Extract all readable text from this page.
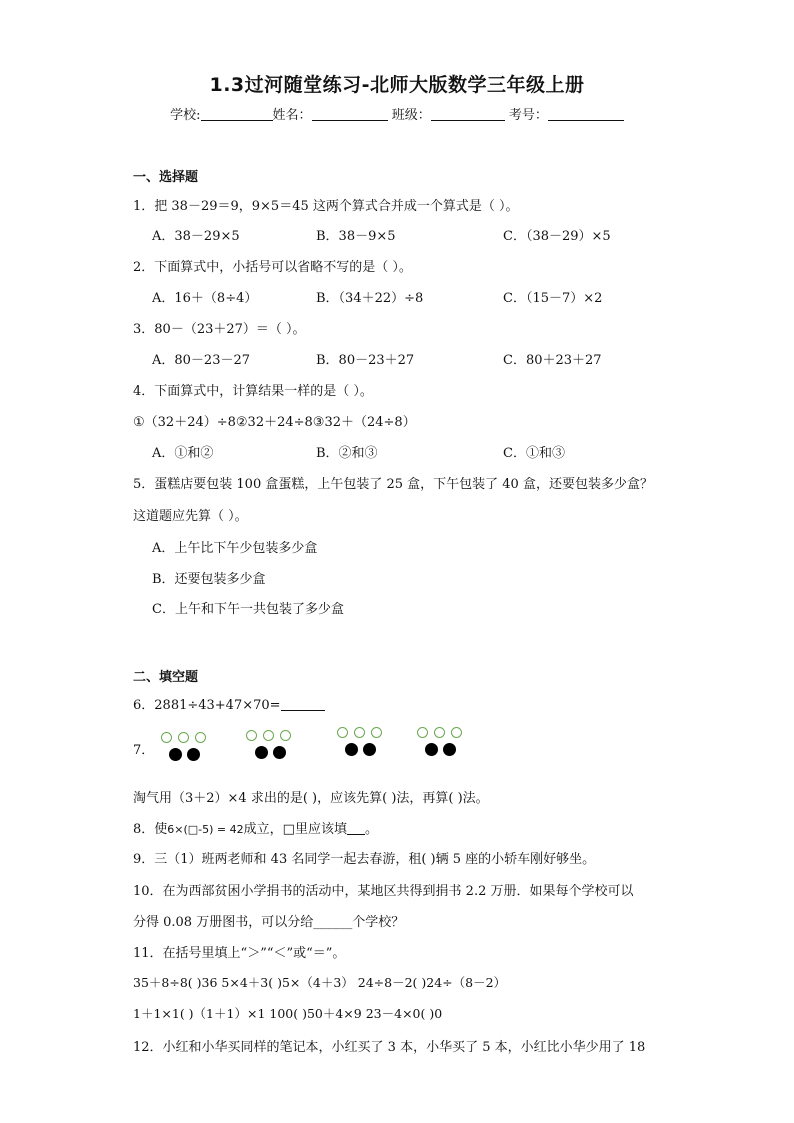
1.3过河随堂练习-北师大版数学三年级上册
学校:	姓名：	班级：	考号：
一、选择题
1．把 38－29＝9，9×5＝45 这两个算式合并成一个算式是（ ）。
A．38－29×5	B．38－9×5	C．（38－29）×5
2．下面算式中，小括号可以省略不写的是（ ）。
A．16＋（8÷4）	B．（34＋22）÷8	C．（15－7）×2
3．80－（23＋27）＝（ ）。
A．80－23－27	B．80－23＋27	C．80＋23＋27
4．下面算式中，计算结果一样的是（ ）。
①（32＋24）÷8②32＋24÷8③32＋（24÷8）
A．①和②	B．②和③	C．①和③
5．蛋糕店要包装 100 盒蛋糕，上午包装了 25 盒，下午包装了 40 盒，还要包装多少盒？
这道题应先算（ ）。
A．上午比下午少包装多少盒
B．还要包装多少盒
C．上午和下午一共包装了多少盒
二、填空题
6．2881÷43+47×70=
7．
淘气用（3＋2）×4 求出的是( )，应该先算( )法，再算( )法。
8．使6×(□-5) = 42成立，□里应该填 。
9．三（1）班两老师和 43 名同学一起去春游，租( )辆 5 座的小轿车刚好够坐。
10．在为西部贫困小学捐书的活动中，某地区共得到捐书 2.2 万册．如果每个学校可以
分得 0.08 万册图书，可以分给______个学校？
11．在括号里填上“＞”“＜”或“＝”。
35＋8÷8( )36 5×4＋3( )5×（4＋3） 24÷8－2( )24÷（8－2）
1＋1×1( )（1＋1）×1 100( )50＋4×9 23－4×0( )0
12．小红和小华买同样的笔记本，小红买了 3 本，小华买了 5 本，小红比小华少用了 18
